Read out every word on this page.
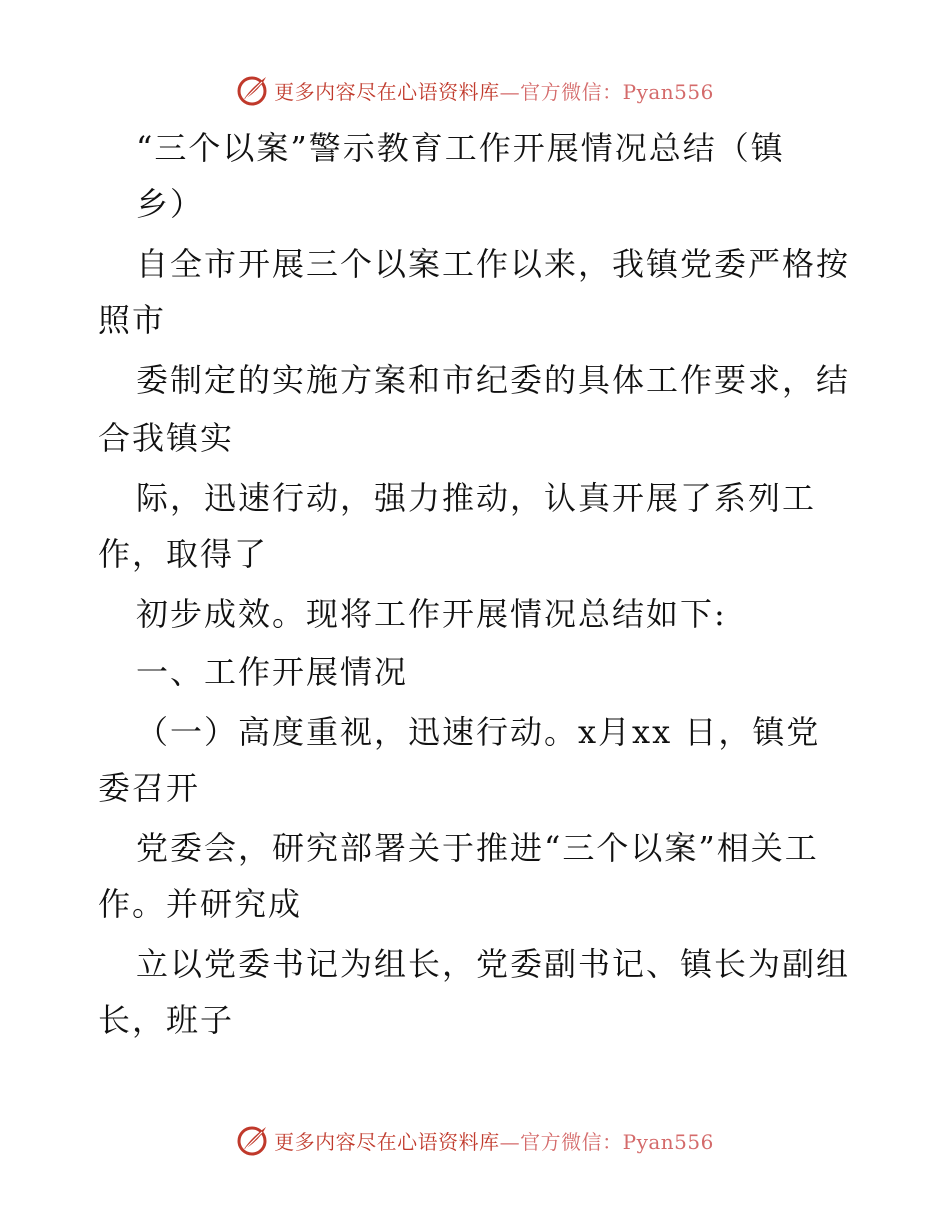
更多内容尽在心语资料库—官方微信：Pyan556
“三个以案”警示教育工作开展情况总结（镇
乡）
自全市开展三个以案工作以来，我镇党委严格按
照市
委制定的实施方案和市纪委的具体工作要求，结
合我镇实
际，迅速行动，强力推动，认真开展了系列工
作，取得了
初步成效。现将工作开展情况总结如下:
一、工作开展情况
（一）高度重视，迅速行动。x月xx 日，镇党
委召开
党委会，研究部署关于推进“三个以案”相关工
作。并研究成
立以党委书记为组长，党委副书记、镇长为副组
长，班子
更多内容尽在心语资料库—官方微信：Pyan556
